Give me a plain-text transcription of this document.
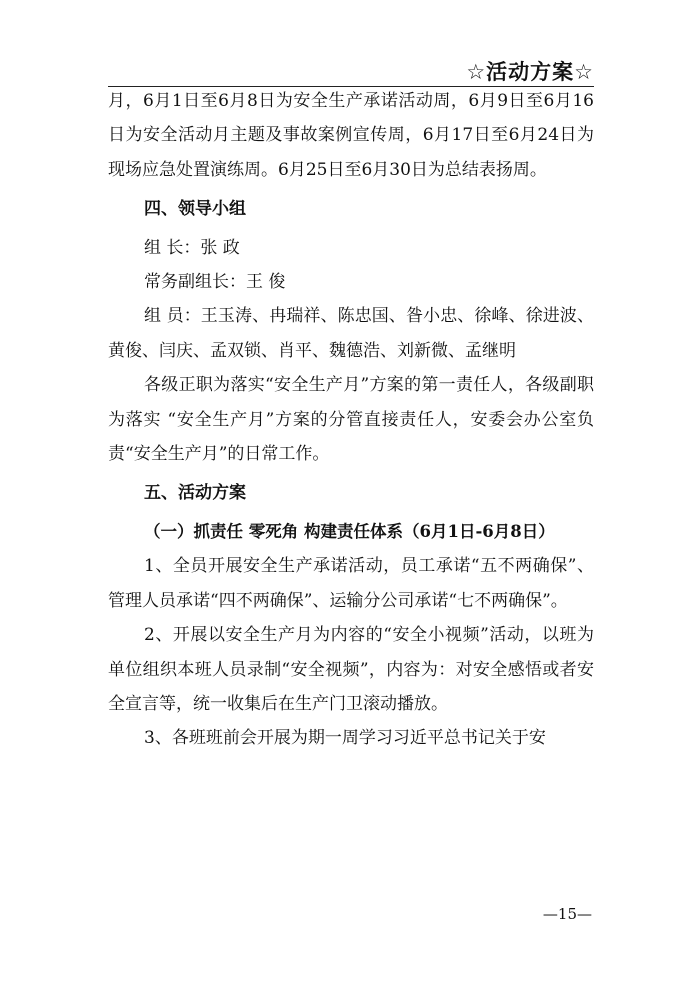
☆活动方案☆

月，6月1日至6月8日为安全生产承诺活动周，6月9日至6月16日为安全活动月主题及事故案例宣传周，6月17日至6月24日为现场应急处置演练周。6月25日至6月30日为总结表扬周。

四、领导小组

组 长：张 政

常务副组长：王 俊

组 员：王玉涛、冉瑞祥、陈忠国、昝小忠、徐峰、徐进波、黄俊、闫庆、孟双锁、肖平、魏德浩、刘新微、孟继明

各级正职为落实“安全生产月”方案的第一责任人，各级副职为落实 “安全生产月”方案的分管直接责任人，安委会办公室负责“安全生产月”的日常工作。

五、活动方案

（一）抓责任 零死角 构建责任体系（6月1日-6月8日）

1、全员开展安全生产承诺活动，员工承诺“五不两确保”、管理人员承诺“四不两确保”、运输分公司承诺“七不两确保”。

2、开展以安全生产月为内容的“安全小视频”活动，以班为单位组织本班人员录制“安全视频”，内容为：对安全感悟或者安全宣言等，统一收集后在生产门卫滚动播放。

3、各班班前会开展为期一周学习习近平总书记关于安

—15—
